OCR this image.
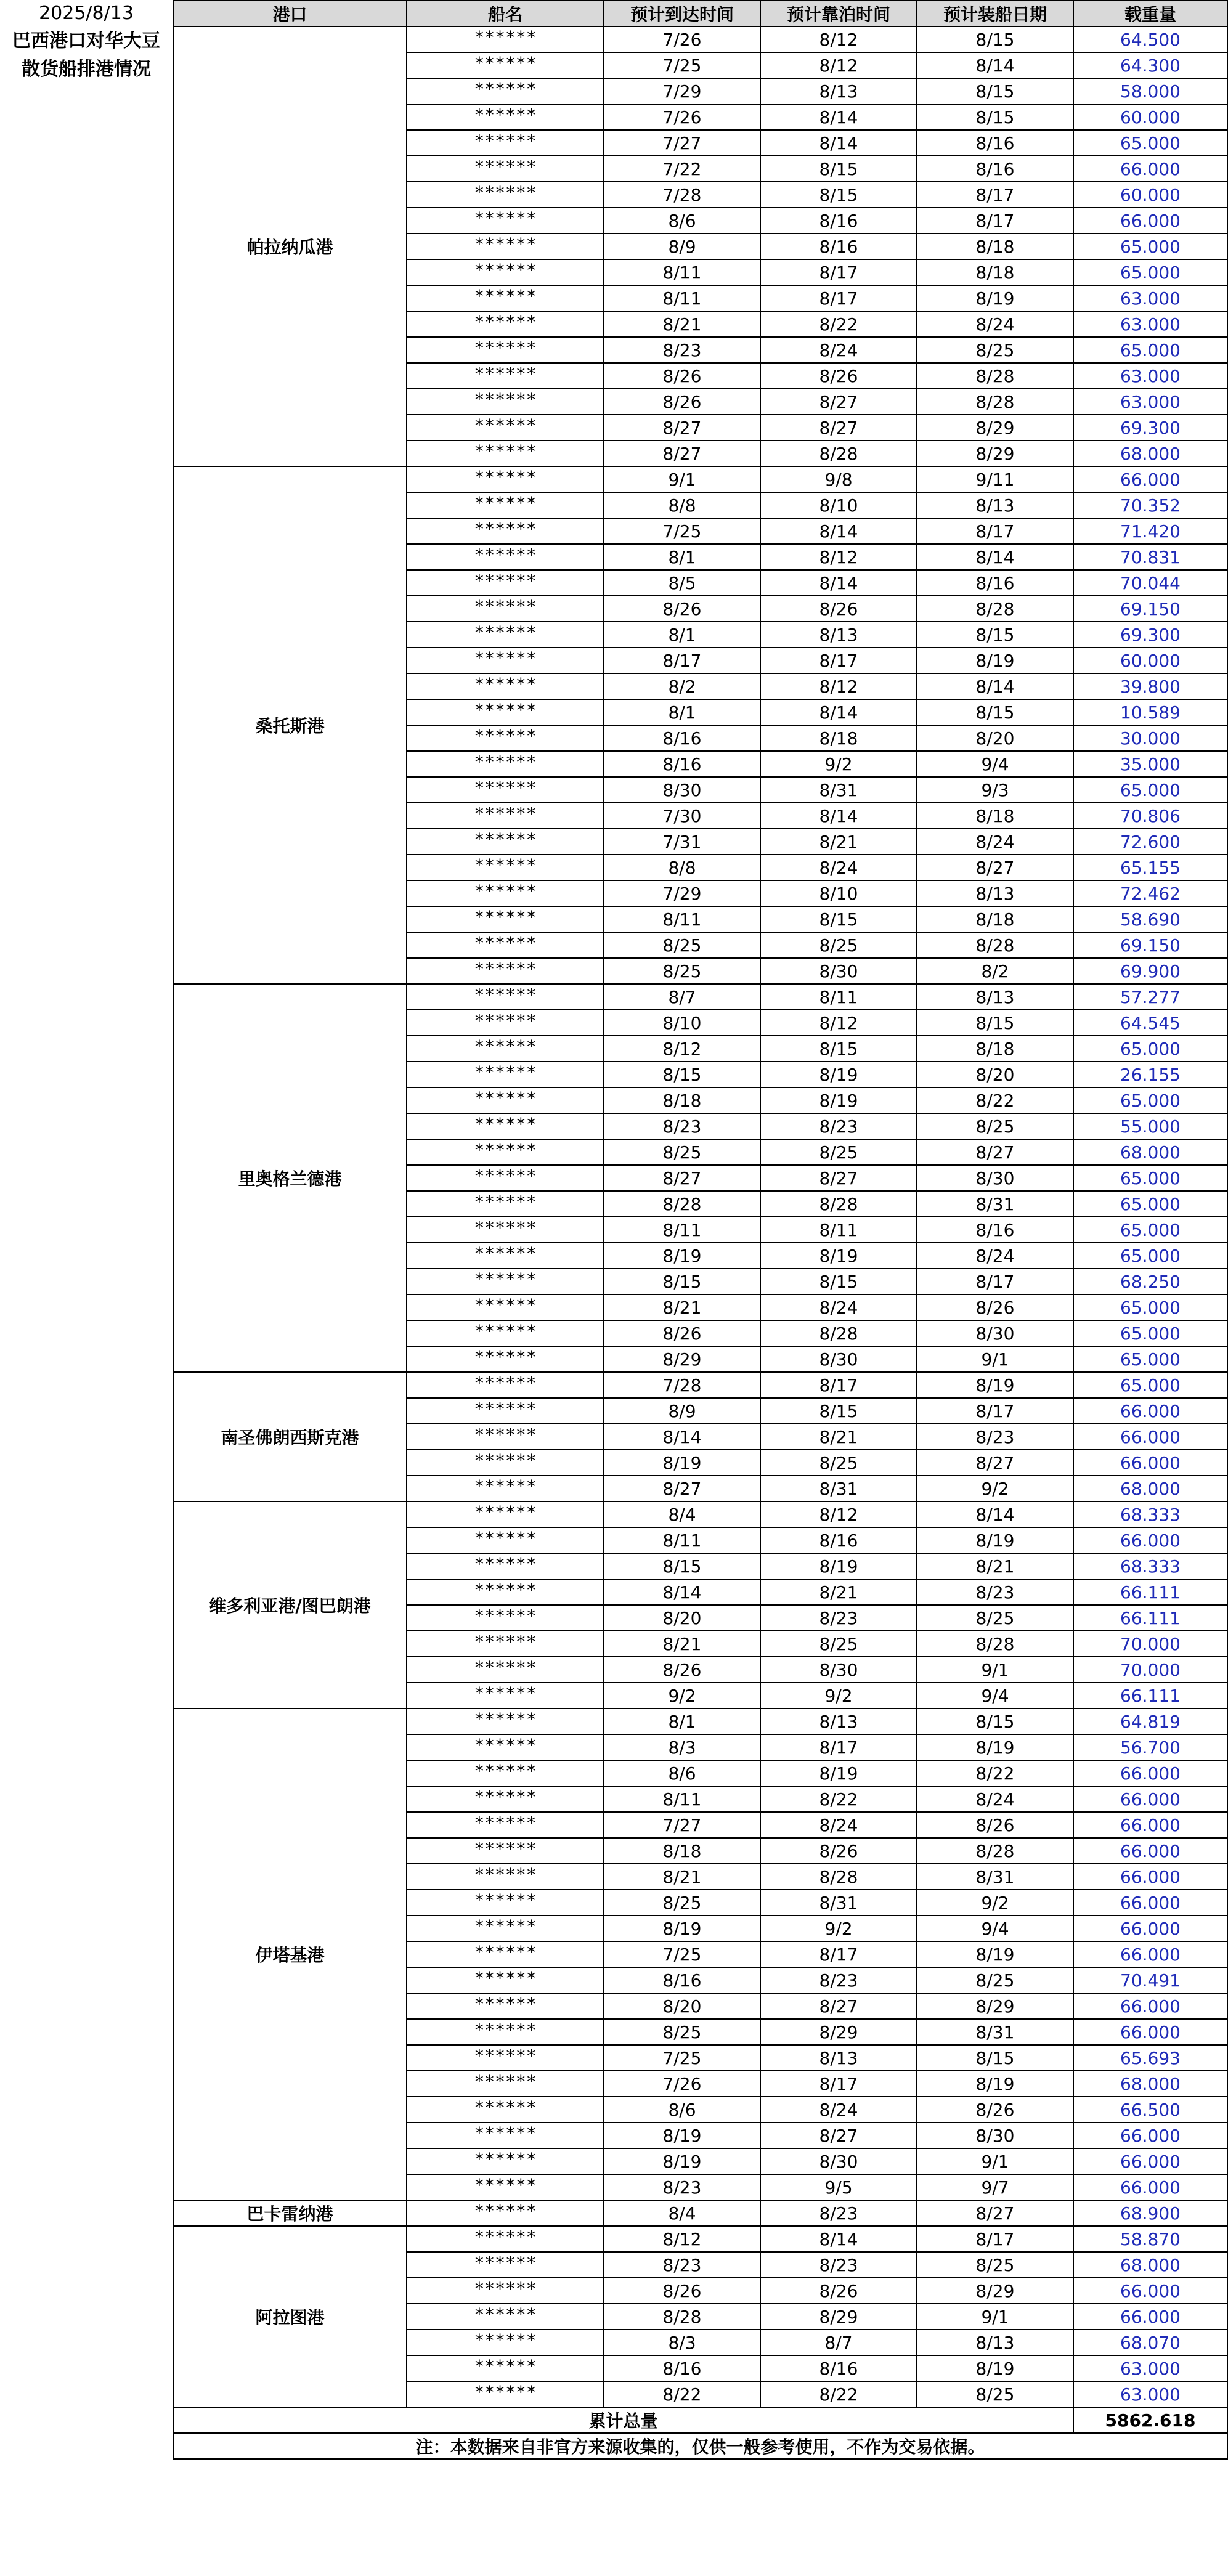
2025/8/13
巴西港口对华大豆
散货船排港情况
港口	船名	预计到达时间	预计靠泊时间	预计装船日期	载重量
帕拉纳瓜港	******	7/26	8/12	8/15	64.500
	******	7/25	8/12	8/14	64.300
	******	7/29	8/13	8/15	58.000
	******	7/26	8/14	8/15	60.000
	******	7/27	8/14	8/16	65.000
	******	7/22	8/15	8/16	66.000
	******	7/28	8/15	8/17	60.000
	******	8/6	8/16	8/17	66.000
	******	8/9	8/16	8/18	65.000
	******	8/11	8/17	8/18	65.000
	******	8/11	8/17	8/19	63.000
	******	8/21	8/22	8/24	63.000
	******	8/23	8/24	8/25	65.000
	******	8/26	8/26	8/28	63.000
	******	8/26	8/27	8/28	63.000
	******	8/27	8/27	8/29	69.300
	******	8/27	8/28	8/29	68.000
桑托斯港	******	9/1	9/8	9/11	66.000
	******	8/8	8/10	8/13	70.352
	******	7/25	8/14	8/17	71.420
	******	8/1	8/12	8/14	70.831
	******	8/5	8/14	8/16	70.044
	******	8/26	8/26	8/28	69.150
	******	8/1	8/13	8/15	69.300
	******	8/17	8/17	8/19	60.000
	******	8/2	8/12	8/14	39.800
	******	8/1	8/14	8/15	10.589
	******	8/16	8/18	8/20	30.000
	******	8/16	9/2	9/4	35.000
	******	8/30	8/31	9/3	65.000
	******	7/30	8/14	8/18	70.806
	******	7/31	8/21	8/24	72.600
	******	8/8	8/24	8/27	65.155
	******	7/29	8/10	8/13	72.462
	******	8/11	8/15	8/18	58.690
	******	8/25	8/25	8/28	69.150
	******	8/25	8/30	8/2	69.900
里奥格兰德港	******	8/7	8/11	8/13	57.277
	******	8/10	8/12	8/15	64.545
	******	8/12	8/15	8/18	65.000
	******	8/15	8/19	8/20	26.155
	******	8/18	8/19	8/22	65.000
	******	8/23	8/23	8/25	55.000
	******	8/25	8/25	8/27	68.000
	******	8/27	8/27	8/30	65.000
	******	8/28	8/28	8/31	65.000
	******	8/11	8/11	8/16	65.000
	******	8/19	8/19	8/24	65.000
	******	8/15	8/15	8/17	68.250
	******	8/21	8/24	8/26	65.000
	******	8/26	8/28	8/30	65.000
	******	8/29	8/30	9/1	65.000
南圣佛朗西斯克港	******	7/28	8/17	8/19	65.000
	******	8/9	8/15	8/17	66.000
	******	8/14	8/21	8/23	66.000
	******	8/19	8/25	8/27	66.000
	******	8/27	8/31	9/2	68.000
维多利亚港/图巴朗港	******	8/4	8/12	8/14	68.333
	******	8/11	8/16	8/19	66.000
	******	8/15	8/19	8/21	68.333
	******	8/14	8/21	8/23	66.111
	******	8/20	8/23	8/25	66.111
	******	8/21	8/25	8/28	70.000
	******	8/26	8/30	9/1	70.000
	******	9/2	9/2	9/4	66.111
伊塔基港	******	8/1	8/13	8/15	64.819
	******	8/3	8/17	8/19	56.700
	******	8/6	8/19	8/22	66.000
	******	8/11	8/22	8/24	66.000
	******	7/27	8/24	8/26	66.000
	******	8/18	8/26	8/28	66.000
	******	8/21	8/28	8/31	66.000
	******	8/25	8/31	9/2	66.000
	******	8/19	9/2	9/4	66.000
	******	7/25	8/17	8/19	66.000
	******	8/16	8/23	8/25	70.491
	******	8/20	8/27	8/29	66.000
	******	8/25	8/29	8/31	66.000
	******	7/25	8/13	8/15	65.693
	******	7/26	8/17	8/19	68.000
	******	8/6	8/24	8/26	66.500
	******	8/19	8/27	8/30	66.000
	******	8/19	8/30	9/1	66.000
	******	8/23	9/5	9/7	66.000
巴卡雷纳港	******	8/4	8/23	8/27	68.900
阿拉图港	******	8/12	8/14	8/17	58.870
	******	8/23	8/23	8/25	68.000
	******	8/26	8/26	8/29	66.000
	******	8/28	8/29	9/1	66.000
	******	8/3	8/7	8/13	68.070
	******	8/16	8/16	8/19	63.000
	******	8/22	8/22	8/25	63.000
累计总量					5862.618
注：本数据来自非官方来源收集的，仅供一般参考使用，不作为交易依据。					
